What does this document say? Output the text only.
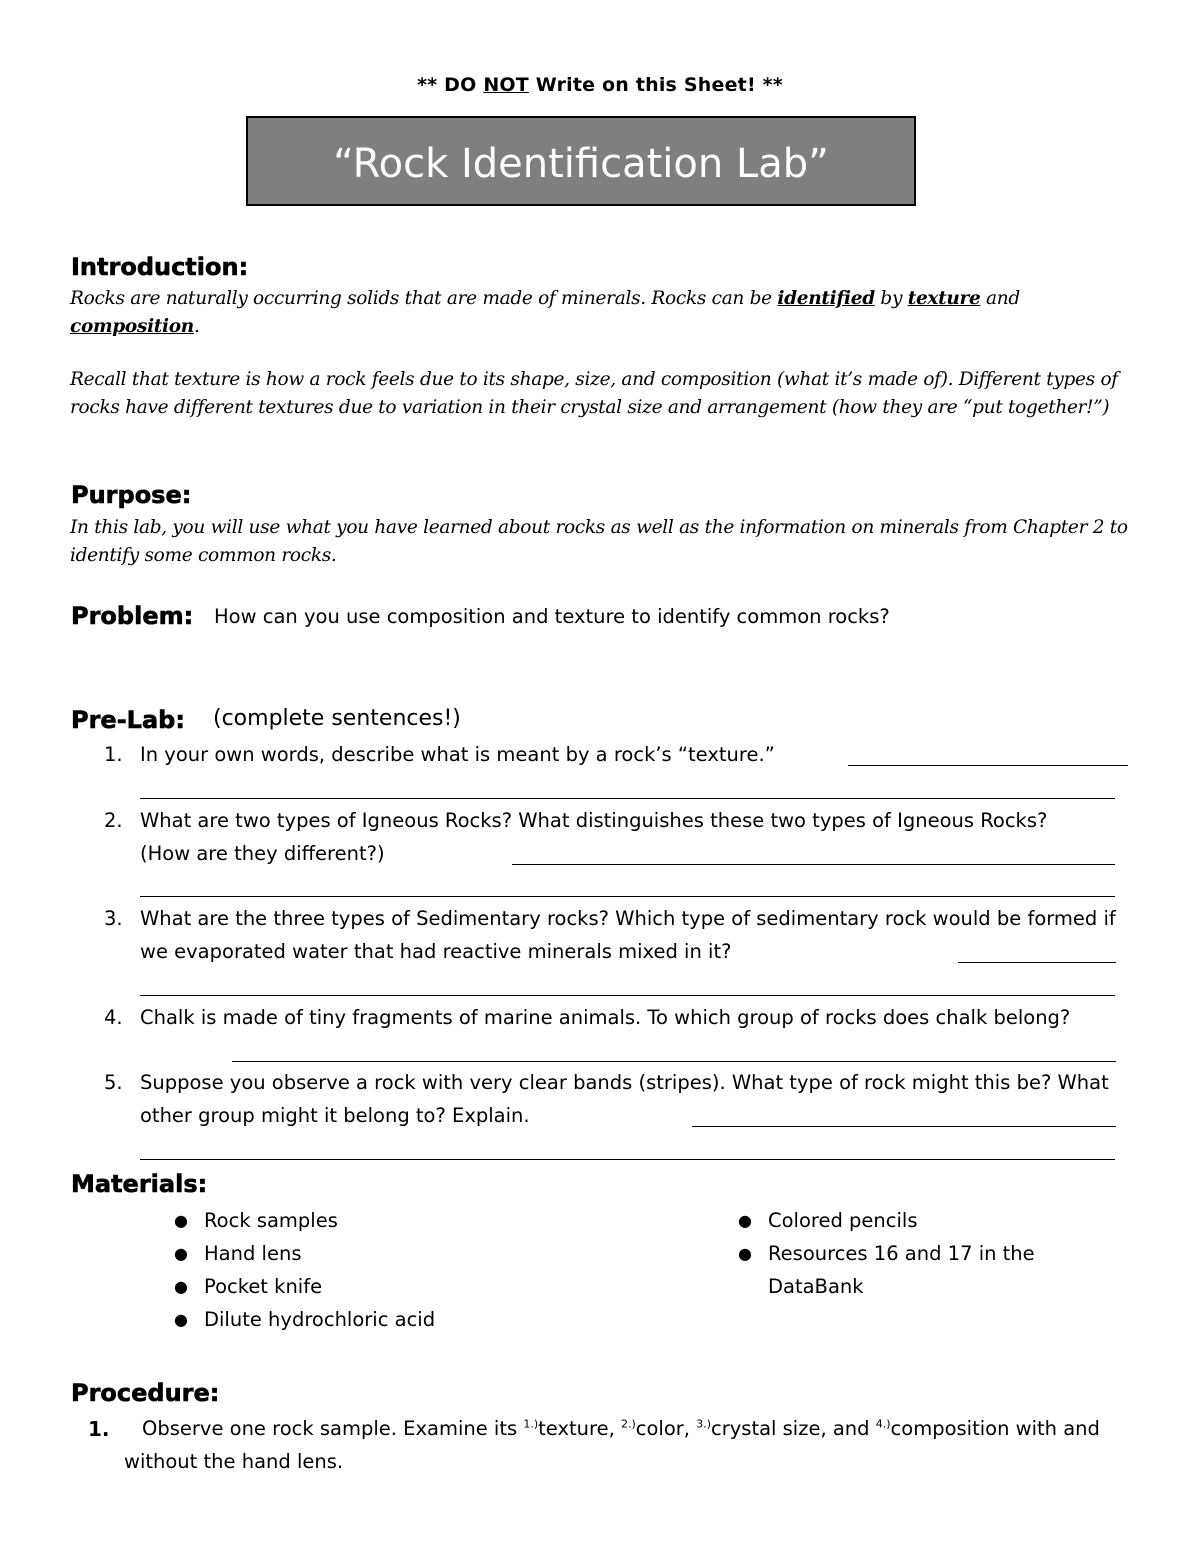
** DO NOT Write on this Sheet! **
“Rock Identification Lab”
Introduction:
Rocks are naturally occurring solids that are made of minerals. Rocks can be identified by texture and
composition.
Recall that texture is how a rock feels due to its shape, size, and composition (what it’s made of). Different types of rocks have different textures due to variation in their crystal size and arrangement (how they are “put together!”)
Purpose:
In this lab, you will use what you have learned about rocks as well as the information on minerals from Chapter 2 to identify some common rocks.
Problem: How can you use composition and texture to identify common rocks?
Pre-Lab: (complete sentences!)
1. In your own words, describe what is meant by a rock’s “texture.”
2. What are two types of Igneous Rocks? What distinguishes these two types of Igneous Rocks? (How are they different?)
3. What are the three types of Sedimentary rocks? Which type of sedimentary rock would be formed if we evaporated water that had reactive minerals mixed in it?
4. Chalk is made of tiny fragments of marine animals. To which group of rocks does chalk belong?
5. Suppose you observe a rock with very clear bands (stripes). What type of rock might this be? What other group might it belong to? Explain.
Materials:
● Rock samples
● Hand lens
● Pocket knife
● Dilute hydrochloric acid
● Colored pencils
● Resources 16 and 17 in the DataBank
Procedure:
1.	Observe one rock sample. Examine its $^{1.)}$texture, $^{2.)}$color, $^{3.)}$crystal size, and $^{4.)}$composition with and without the hand lens.
